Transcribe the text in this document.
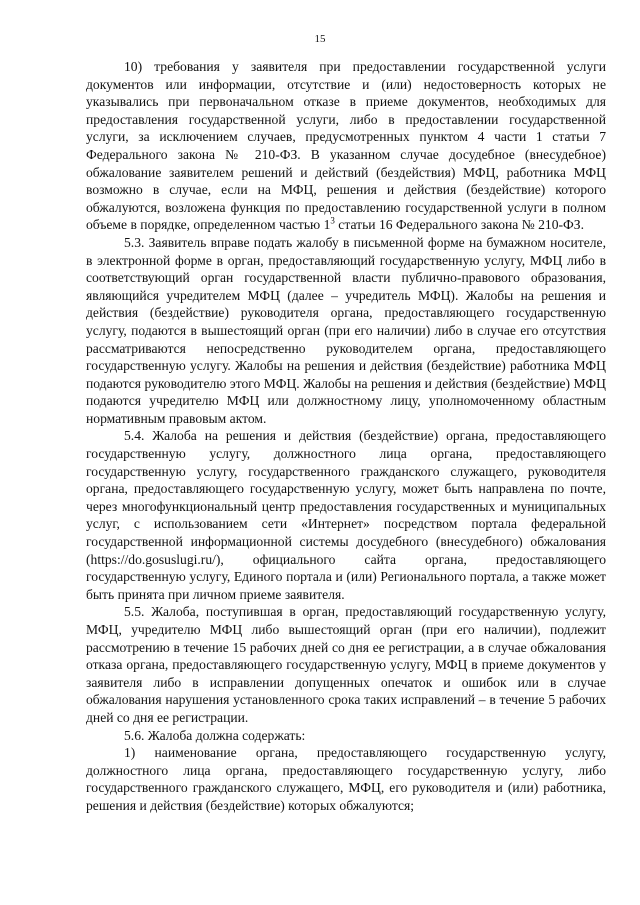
15

10) требования у заявителя при предоставлении государственной услуги документов или информации, отсутствие и (или) недостоверность которых не указывались при первоначальном отказе в приеме документов, необходимых для предоставления государственной услуги, либо в предоставлении государственной услуги, за исключением случаев, предусмотренных пунктом 4 части 1 статьи 7 Федерального закона № 210-ФЗ. В указанном случае досудебное (внесудебное) обжалование заявителем решений и действий (бездействия) МФЦ, работника МФЦ возможно в случае, если на МФЦ, решения и действия (бездействие) которого обжалуются, возложена функция по предоставлению государственной услуги в полном объеме в порядке, определенном частью $1^3$ статьи 16 Федерального закона № 210-ФЗ.

5.3. Заявитель вправе подать жалобу в письменной форме на бумажном носителе, в электронной форме в орган, предоставляющий государственную услугу, МФЦ либо в соответствующий орган государственной власти публично-правового образования, являющийся учредителем МФЦ (далее – учредитель МФЦ). Жалобы на решения и действия (бездействие) руководителя органа, предоставляющего государственную услугу, подаются в вышестоящий орган (при его наличии) либо в случае его отсутствия рассматриваются непосредственно руководителем органа, предоставляющего государственную услугу. Жалобы на решения и действия (бездействие) работника МФЦ подаются руководителю этого МФЦ. Жалобы на решения и действия (бездействие) МФЦ подаются учредителю МФЦ или должностному лицу, уполномоченному областным нормативным правовым актом.

5.4. Жалоба на решения и действия (бездействие) органа, предоставляющего государственную услугу, должностного лица органа, предоставляющего государственную услугу, государственного гражданского служащего, руководителя органа, предоставляющего государственную услугу, может быть направлена по почте, через многофункциональный центр предоставления государственных и муниципальных услуг, с использованием сети «Интернет» посредством портала федеральной государственной информационной системы досудебного (внесудебного) обжалования (https://do.gosuslugi.ru/), официального сайта органа, предоставляющего государственную услугу, Единого портала и (или) Регионального портала, а также может быть принята при личном приеме заявителя.

5.5. Жалоба, поступившая в орган, предоставляющий государственную услугу, МФЦ, учредителю МФЦ либо вышестоящий орган (при его наличии), подлежит рассмотрению в течение 15 рабочих дней со дня ее регистрации, а в случае обжалования отказа органа, предоставляющего государственную услугу, МФЦ в приеме документов у заявителя либо в исправлении допущенных опечаток и ошибок или в случае обжалования нарушения установленного срока таких исправлений – в течение 5 рабочих дней со дня ее регистрации.

5.6. Жалоба должна содержать:

1) наименование органа, предоставляющего государственную услугу, должностного лица органа, предоставляющего государственную услугу, либо государственного гражданского служащего, МФЦ, его руководителя и (или) работника, решения и действия (бездействие) которых обжалуются;
